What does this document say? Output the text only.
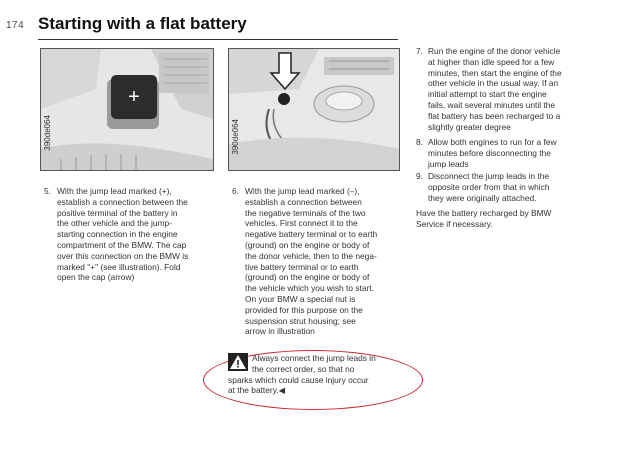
174 Starting with a flat battery
+
390de064	390de064
5. With the jump lead marked (+),
establish a connection between the
positive terminal of the battery in
the other vehicle and the jump-
starting connection in the engine
compartment of the BMW. The cap
over this connection on the BMW is
marked "+" (see illustration). Fold
open the cap (arrow)
6. With the jump lead marked (–),
establish a connection between
the negative terminals of the two
vehicles. First connect it to the
negative battery terminal or to earth
(ground) on the engine or body of
the donor vehicle, then to the nega-
tive battery terminal or to earth
(ground) on the engine or body of
the vehicle which you wish to start.
On your BMW a special nut is
provided for this purpose on the
suspension strut housing; see
arrow in illustration
7. Run the engine of the donor vehicle
at higher than idle speed for a few
minutes, then start the engine of the
other vehicle in the usual way. If an
initial attempt to start the engine
fails, wait several minutes until the
flat battery has been recharged to a
slightly greater degree
8. Allow both engines to run for a few
minutes before disconnecting the
jump leads
9. Disconnect the jump leads in the
opposite order from that in which
they were originally attached.
Have the battery recharged by BMW
Service if necessary.
Always connect the jump leads in
the correct order, so that no
sparks which could cause injury occur
at the battery.◀
